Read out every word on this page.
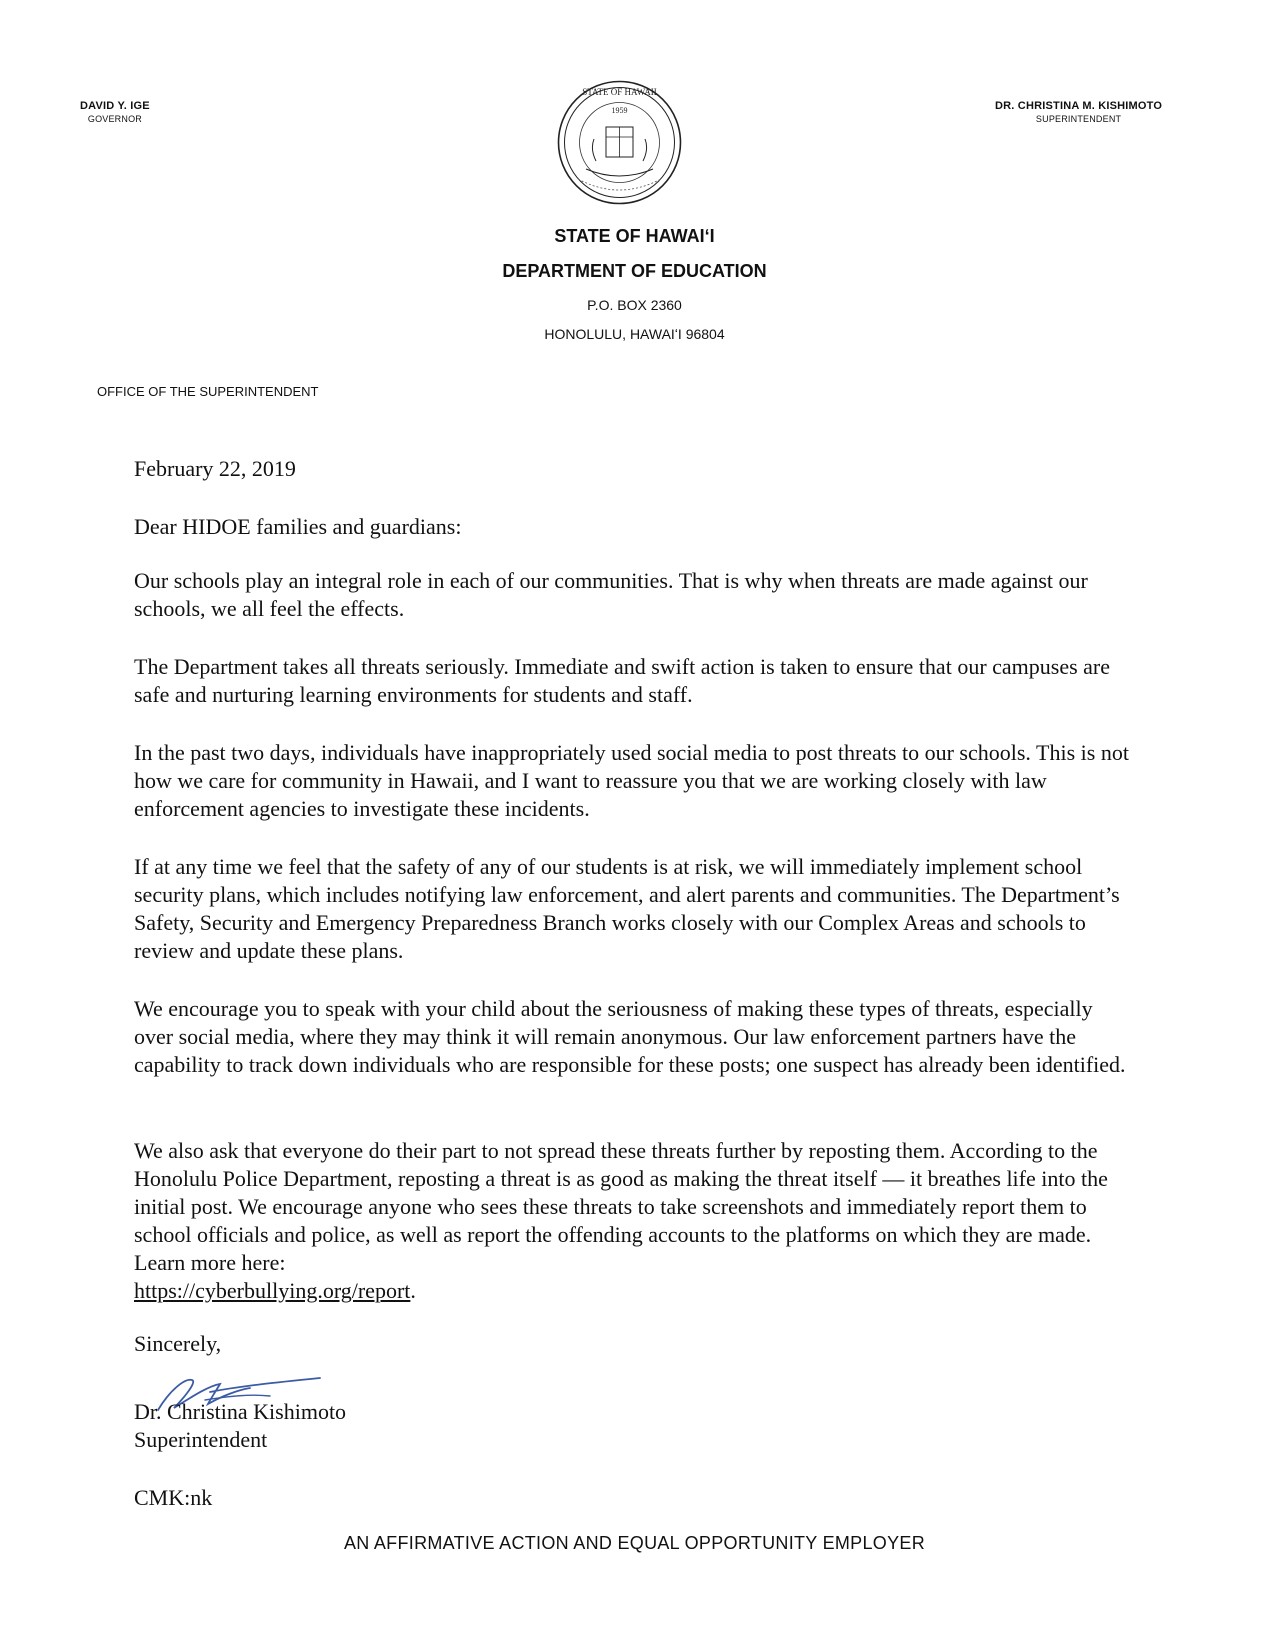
DAVID Y. IGE
GOVERNOR
STATE OF HAWAII
1959	DR. CHRISTINA M. KISHIMOTO
SUPERINTENDENT
STATE OF HAWAIʻI
DEPARTMENT OF EDUCATION
P.O. BOX 2360
HONOLULU, HAWAIʻI 96804
OFFICE OF THE SUPERINTENDENT
February 22, 2019
Dear HIDOE families and guardians:

Our schools play an integral role in each of our communities. That is why when threats are made against our schools, we all feel the effects.

The Department takes all threats seriously. Immediate and swift action is taken to ensure that our campuses are safe and nurturing learning environments for students and staff.

In the past two days, individuals have inappropriately used social media to post threats to our schools. This is not how we care for community in Hawaii, and I want to reassure you that we are working closely with law enforcement agencies to investigate these incidents.

If at any time we feel that the safety of any of our students is at risk, we will immediately implement school security plans, which includes notifying law enforcement, and alert parents and communities. The Department’s Safety, Security and Emergency Preparedness Branch works closely with our Complex Areas and schools to review and update these plans.

We encourage you to speak with your child about the seriousness of making these types of threats, especially over social media, where they may think it will remain anonymous. Our law enforcement partners have the capability to track down individuals who are responsible for these posts; one suspect has already been identified.

We also ask that everyone do their part to not spread these threats further by reposting them. According to the Honolulu Police Department, reposting a threat is as good as making the threat itself — it breathes life into the initial post. We encourage anyone who sees these threats to take screenshots and immediately report them to school officials and police, as well as report the offending accounts to the platforms on which they are made. Learn more here:
https://cyberbullying.org/report.
Sincerely,
Dr. Christina Kishimoto
Superintendent
CMK:nk
AN AFFIRMATIVE ACTION AND EQUAL OPPORTUNITY EMPLOYER
